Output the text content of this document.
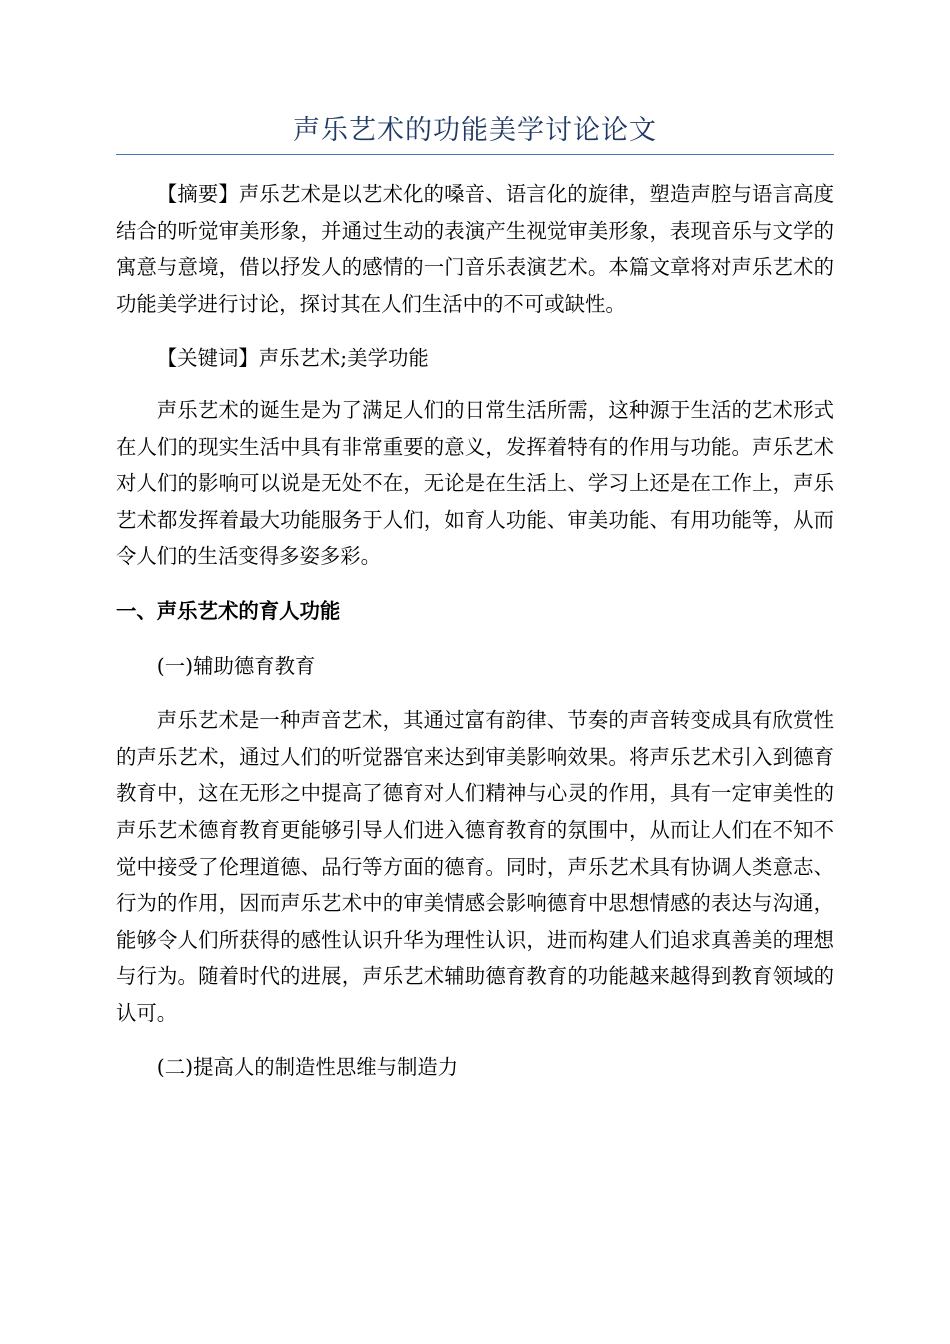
声乐艺术的功能美学讨论论文

【摘要】声乐艺术是以艺术化的嗓音、语言化的旋律，塑造声腔与语言高度结合的听觉审美形象，并通过生动的表演产生视觉审美形象，表现音乐与文学的寓意与意境，借以抒发人的感情的一门音乐表演艺术。本篇文章将对声乐艺术的功能美学进行讨论，探讨其在人们生活中的不可或缺性。

【关键词】声乐艺术;美学功能

声乐艺术的诞生是为了满足人们的日常生活所需，这种源于生活的艺术形式在人们的现实生活中具有非常重要的意义，发挥着特有的作用与功能。声乐艺术对人们的影响可以说是无处不在，无论是在生活上、学习上还是在工作上，声乐艺术都发挥着最大功能服务于人们，如育人功能、审美功能、有用功能等，从而令人们的生活变得多姿多彩。

一、声乐艺术的育人功能

(一)辅助德育教育

声乐艺术是一种声音艺术，其通过富有韵律、节奏的声音转变成具有欣赏性的声乐艺术，通过人们的听觉器官来达到审美影响效果。将声乐艺术引入到德育教育中，这在无形之中提高了德育对人们精神与心灵的作用，具有一定审美性的声乐艺术德育教育更能够引导人们进入德育教育的氛围中，从而让人们在不知不觉中接受了伦理道德、品行等方面的德育。同时，声乐艺术具有协调人类意志、行为的作用，因而声乐艺术中的审美情感会影响德育中思想情感的表达与沟通，能够令人们所获得的感性认识升华为理性认识，进而构建人们追求真善美的理想与行为。随着时代的进展，声乐艺术辅助德育教育的功能越来越得到教育领域的认可。

(二)提高人的制造性思维与制造力
